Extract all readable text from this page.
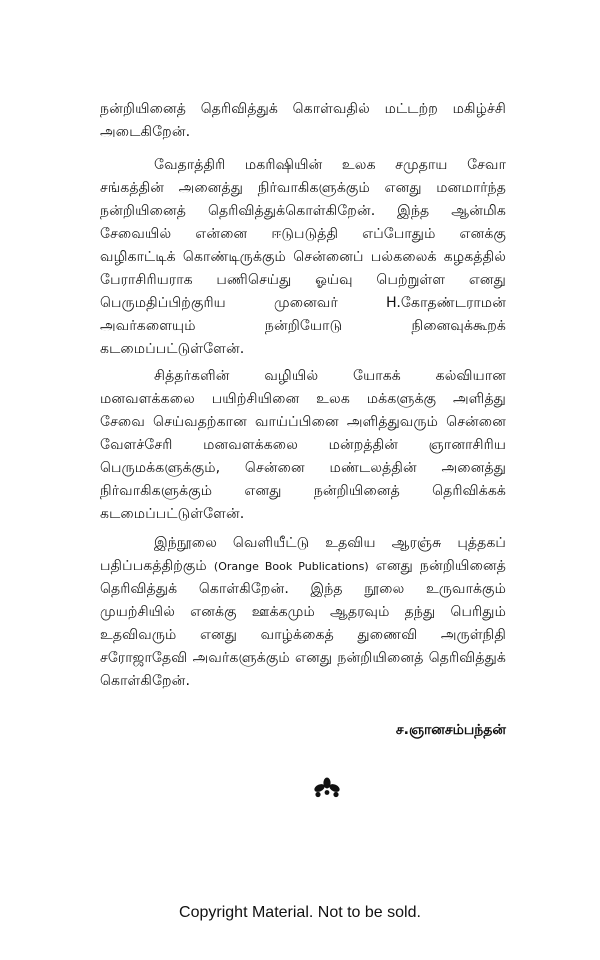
நன்றியினைத் தெரிவித்துக் கொள்வதில் மட்டற்ற மகிழ்ச்சி அடைகிறேன்.

வேதாத்திரி மகரிஷியின் உலக சமுதாய சேவா சங்கத்தின் அனைத்து நிர்வாகிகளுக்கும் எனது மனமார்ந்த நன்றியினைத் தெரிவித்துக்கொள்கிறேன். இந்த ஆன்மிக சேவையில் என்னை ஈடுபடுத்தி எப்போதும் எனக்கு வழிகாட்டிக் கொண்டிருக்கும் சென்னைப் பல்கலைக் கழகத்தில் பேராசிரியராக பணிசெய்து ஓய்வு பெற்றுள்ள எனது பெருமதிப்பிற்குரிய முனைவர் H.கோதண்டராமன் அவர்களையும் நன்றியோடு நினைவுக்கூறக் கடமைப்பட்டுள்ளேன்.

சித்தர்களின் வழியில் யோகக் கல்வியான மனவளக்கலை பயிற்சியினை உலக மக்களுக்கு அளித்து சேவை செய்வதற்கான வாய்ப்பினை அளித்துவரும் சென்னை வேளச்சேரி மனவளக்கலை மன்றத்தின் ஞானாசிரிய பெருமக்களுக்கும், சென்னை மண்டலத்தின் அனைத்து நிர்வாகிகளுக்கும் எனது நன்றியினைத் தெரிவிக்கக் கடமைப்பட்டுள்ளேன்.

இந்நூலை வெளியீட்டு உதவிய ஆரஞ்சு புத்தகப் பதிப்பகத்திற்கும் (Orange Book Publications) எனது நன்றியினைத் தெரிவித்துக் கொள்கிறேன். இந்த நூலை உருவாக்கும் முயற்சியில் எனக்கு ஊக்கமும் ஆதரவும் தந்து பெரிதும் உதவிவரும் எனது வாழ்க்கைத் துணைவி அருள்நிதி சரோஜாதேவி அவர்களுக்கும் எனது நன்றியினைத் தெரிவித்துக் கொள்கிறேன்.

ச.ஞானசம்பந்தன்

Copyright Material. Not to be sold.
